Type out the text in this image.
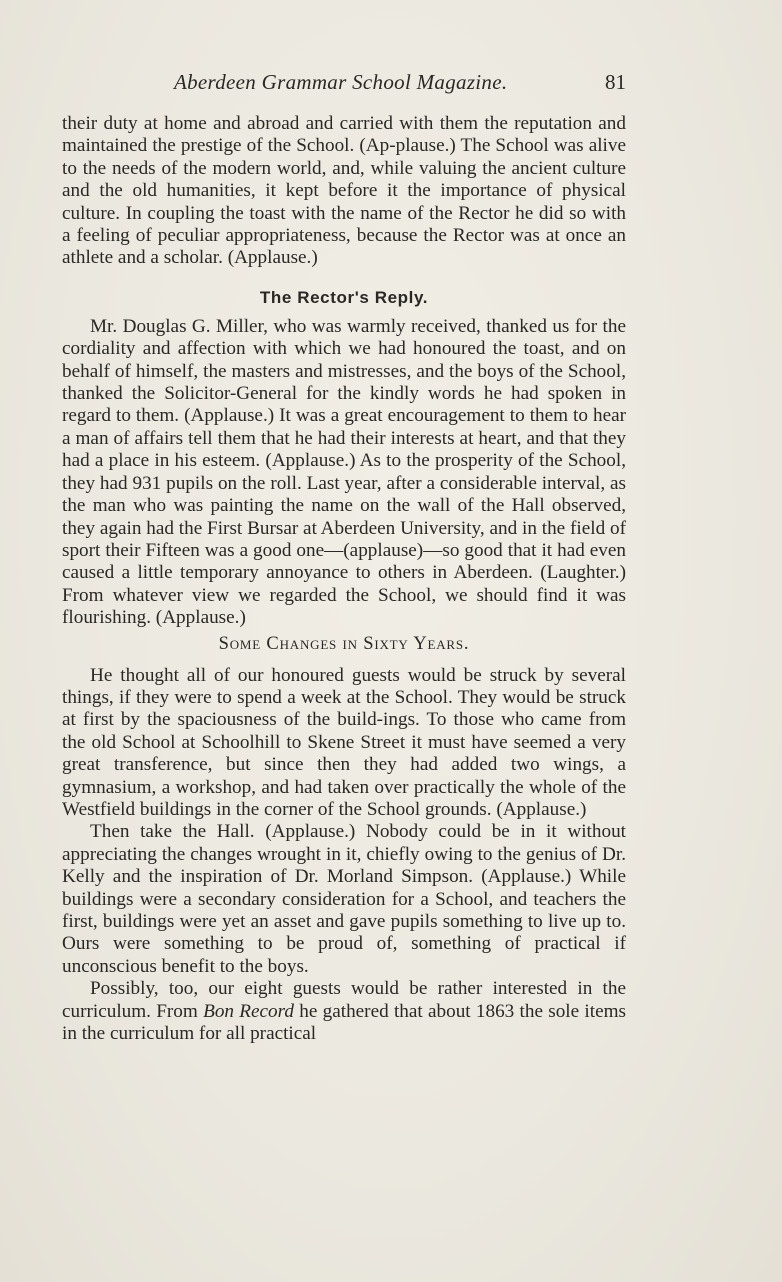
Aberdeen Grammar School Magazine.	81

their duty at home and abroad and carried with them the reputation and maintained the prestige of the School. (Ap-plause.) The School was alive to the needs of the modern world, and, while valuing the ancient culture and the old humanities, it kept before it the importance of physical culture. In coupling the toast with the name of the Rector he did so with a feeling of peculiar appropriateness, because the Rector was at once an athlete and a scholar. (Applause.)

The Rector's Reply.

Mr. Douglas G. Miller, who was warmly received, thanked us for the cordiality and affection with which we had honoured the toast, and on behalf of himself, the masters and mistresses, and the boys of the School, thanked the Solicitor-General for the kindly words he had spoken in regard to them. (Applause.) It was a great encouragement to them to hear a man of affairs tell them that he had their interests at heart, and that they had a place in his esteem. (Applause.) As to the prosperity of the School, they had 931 pupils on the roll. Last year, after a considerable interval, as the man who was painting the name on the wall of the Hall observed, they again had the First Bursar at Aberdeen University, and in the field of sport their Fifteen was a good one—(applause)—so good that it had even caused a little temporary annoyance to others in Aberdeen. (Laughter.) From whatever view we regarded the School, we should find it was flourishing. (Applause.)

Some Changes in Sixty Years.

He thought all of our honoured guests would be struck by several things, if they were to spend a week at the School. They would be struck at first by the spaciousness of the build-ings. To those who came from the old School at Schoolhill to Skene Street it must have seemed a very great transference, but since then they had added two wings, a gymnasium, a workshop, and had taken over practically the whole of the Westfield buildings in the corner of the School grounds. (Applause.)

Then take the Hall. (Applause.) Nobody could be in it without appreciating the changes wrought in it, chiefly owing to the genius of Dr. Kelly and the inspiration of Dr. Morland Simpson. (Applause.) While buildings were a secondary consideration for a School, and teachers the first, buildings were yet an asset and gave pupils something to live up to. Ours were something to be proud of, something of practical if unconscious benefit to the boys.

Possibly, too, our eight guests would be rather interested in the curriculum. From Bon Record he gathered that about 1863 the sole items in the curriculum for all practical
